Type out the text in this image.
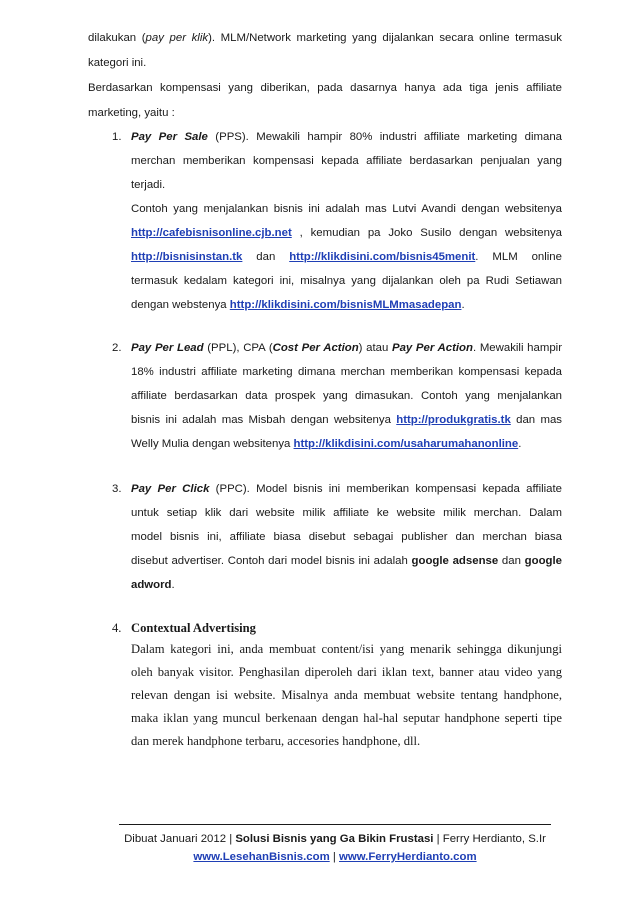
dilakukan (pay per klik). MLM/Network marketing yang dijalankan secara online termasuk
kategori ini.
Berdasarkan kompensasi yang diberikan, pada dasarnya hanya ada tiga jenis affiliate
marketing, yaitu :
1. Pay Per Sale (PPS). Mewakili hampir 80% industri affiliate marketing dimana
merchan memberikan kompensasi kepada affiliate berdasarkan penjualan yang
terjadi.
Contoh yang menjalankan bisnis ini adalah mas Lutvi Avandi dengan websitenya
http://cafebisnisonline.cjb.net , kemudian pa Joko Susilo dengan websitenya
http://bisnisinstan.tk dan http://klikdisini.com/bisnis45menit. MLM online
termasuk kedalam kategori ini, misalnya yang dijalankan oleh pa Rudi Setiawan
dengan webstenya http://klikdisini.com/bisnisMLMmasadepan.
2. Pay Per Lead (PPL), CPA (Cost Per Action) atau Pay Per Action. Mewakili hampir
18% industri affiliate marketing dimana merchan memberikan kompensasi kepada
affiliate berdasarkan data prospek yang dimasukan. Contoh yang menjalankan
bisnis ini adalah mas Misbah dengan websitenya http://produkgratis.tk dan mas
Welly Mulia dengan websitenya http://klikdisini.com/usaharumahanonline.
3. Pay Per Click (PPC). Model bisnis ini memberikan kompensasi kepada affiliate
untuk setiap klik dari website milik affiliate ke website milik merchan. Dalam
model bisnis ini, affiliate biasa disebut sebagai publisher dan merchan biasa
disebut advertiser. Contoh dari model bisnis ini adalah google adsense dan google
adword.
4. Contextual Advertising
Dalam kategori ini, anda membuat content/isi yang menarik sehingga dikunjungi
oleh banyak visitor. Penghasilan diperoleh dari iklan text, banner atau video yang
relevan dengan isi website. Misalnya anda membuat website tentang handphone,
maka iklan yang muncul berkenaan dengan hal-hal seputar handphone seperti tipe
dan merek handphone terbaru, accesories handphone, dll.
Dibuat Januari 2012 | Solusi Bisnis yang Ga Bikin Frustasi | Ferry Herdianto, S.Ir
www.LesehanBisnis.com | www.FerryHerdianto.com
